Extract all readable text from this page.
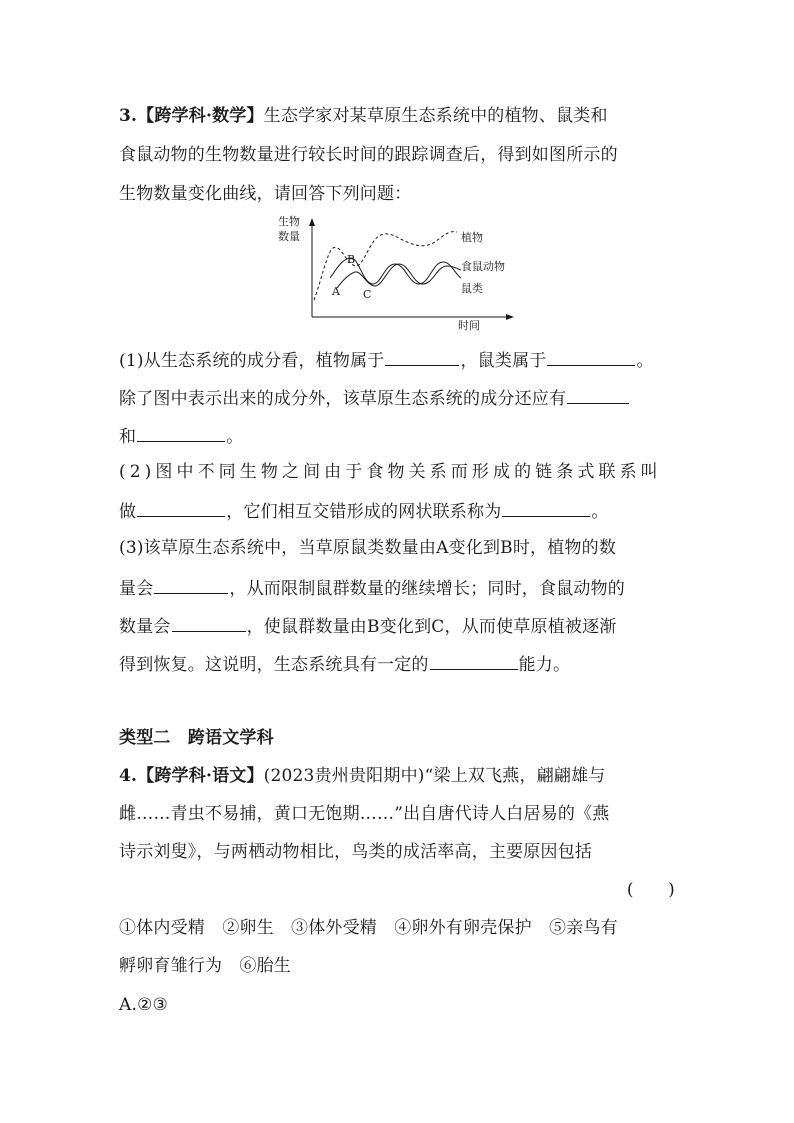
3.【跨学科·数学】生态学家对某草原生态系统中的植物、鼠类和
食鼠动物的生物数量进行较长时间的跟踪调查后，得到如图所示的
生物数量变化曲线，请回答下列问题：
生物
数量
时间
植物
食鼠动物
鼠类
A
B
C
(1)从生态系统的成分看，植物属于	，鼠类属于	。
除了图中表示出来的成分外，该草原生态系统的成分还应有
和	。
(2)图中不同生物之间由于食物关系而形成的链条式联系叫
做	，它们相互交错形成的网状联系称为	。
(3)该草原生态系统中，当草原鼠类数量由A变化到B时，植物的数
量会	，从而限制鼠群数量的继续增长；同时，食鼠动物的
数量会	，使鼠群数量由B变化到C，从而使草原植被逐渐
得到恢复。这说明，生态系统具有一定的	能力。
类型二　跨语文学科
4.【跨学科·语文】(2023贵州贵阳期中)“梁上双飞燕，翩翩雄与
雌……青虫不易捕，黄口无饱期……”出自唐代诗人白居易的《燕
诗示刘叟》，与两栖动物相比，鸟类的成活率高，主要原因包括
(　　)
①体内受精　②卵生　③体外受精　④卵外有卵壳保护　⑤亲鸟有
孵卵育雏行为　⑥胎生
A.②③
